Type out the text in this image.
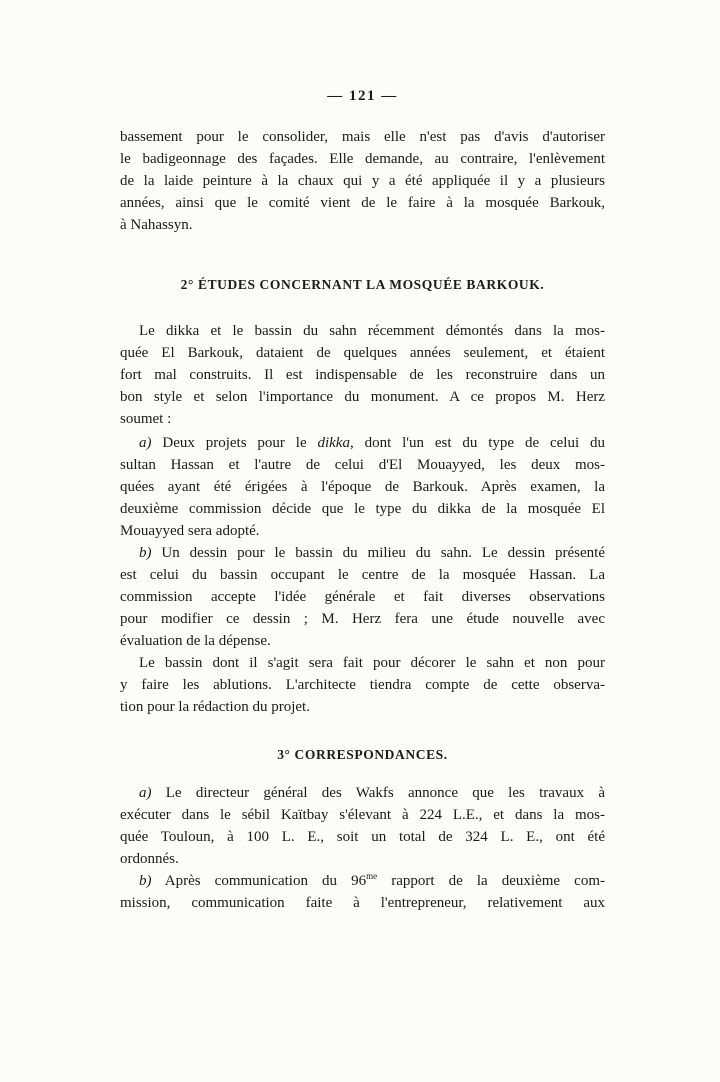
— 121 —
bassement pour le consolider, mais elle n'est pas d'avis d'autoriser
le badigeonnage des façades. Elle demande, au contraire, l'enlèvement
de la laide peinture à la chaux qui y a été appliquée il y a plusieurs
années, ainsi que le comité vient de le faire à la mosquée Barkouk,
à Nahassyn.
2° ÉTUDES CONCERNANT LA MOSQUÉE BARKOUK.
Le dikka et le bassin du sahn récemment démontés dans la mos-
quée El Barkouk, dataient de quelques années seulement, et étaient
fort mal construits. Il est indispensable de les reconstruire dans un
bon style et selon l'importance du monument. A ce propos M. Herz
soumet :
a) Deux projets pour le dikka, dont l'un est du type de celui du
sultan Hassan et l'autre de celui d'El Mouayyed, les deux mos-
quées ayant été érigées à l'époque de Barkouk. Après examen, la
deuxième commission décide que le type du dikka de la mosquée El
Mouayyed sera adopté.
b) Un dessin pour le bassin du milieu du sahn. Le dessin présenté
est celui du bassin occupant le centre de la mosquée Hassan. La
commission accepte l'idée générale et fait diverses observations
pour modifier ce dessin ; M. Herz fera une étude nouvelle avec
évaluation de la dépense.
Le bassin dont il s'agit sera fait pour décorer le sahn et non pour
y faire les ablutions. L'architecte tiendra compte de cette observa-
tion pour la rédaction du projet.
3° CORRESPONDANCES.
a) Le directeur général des Wakfs annonce que les travaux à
exécuter dans le sébil Kaïtbay s'élevant à 224 L.E., et dans la mos-
quée Touloun, à 100 L. E., soit un total de 324 L. E., ont été
ordonnés.
b) Après communication du $96^{me}$ rapport de la deuxième com-
mission, communication faite à l'entrepreneur, relativement aux
